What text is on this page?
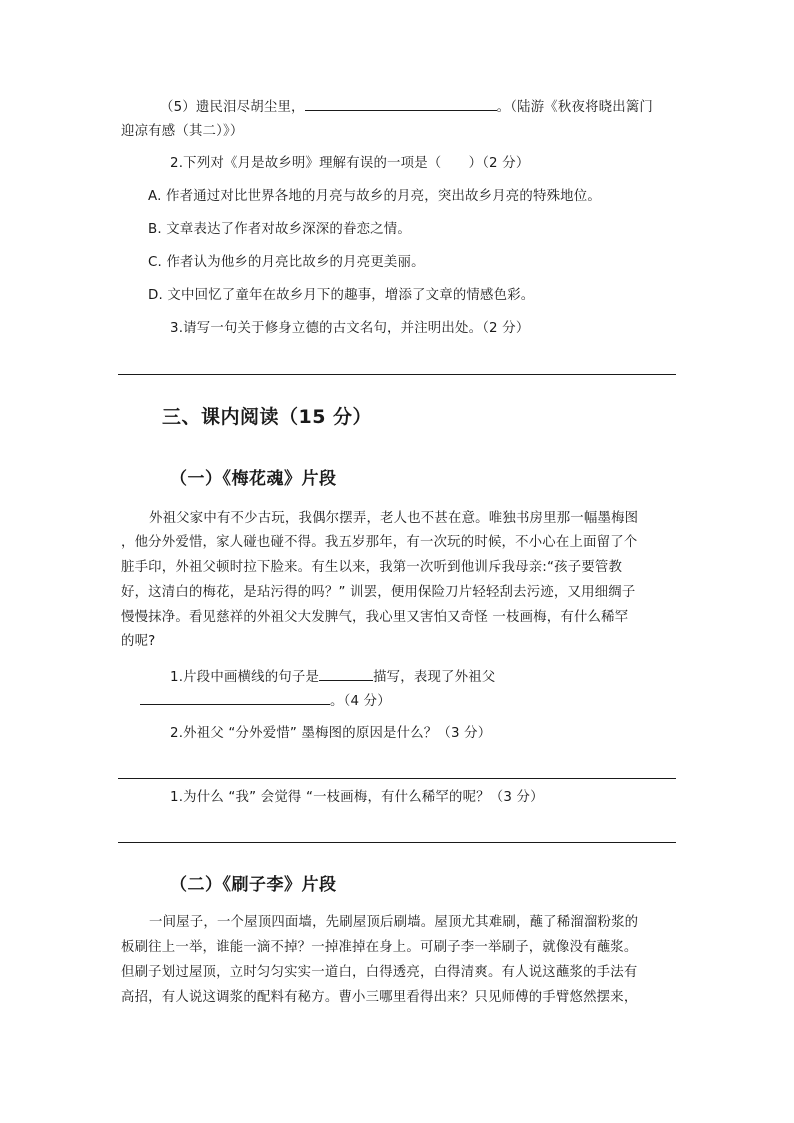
（5）遗民泪尽胡尘里，	。（陆游《秋夜将晓出篱门
迎凉有感（其二）》）
2.下列对《月是故乡明》理解有误的一项是（　　）（2 分）
A. 作者通过对比世界各地的月亮与故乡的月亮，突出故乡月亮的特殊地位。
B. 文章表达了作者对故乡深深的眷恋之情。
C. 作者认为他乡的月亮比故乡的月亮更美丽。
D. 文中回忆了童年在故乡月下的趣事，增添了文章的情感色彩。
3.请写一句关于修身立德的古文名句，并注明出处。（2 分）
三、课内阅读（15 分）
（一）《梅花魂》片段
外祖父家中有不少古玩，我偶尔摆弄，老人也不甚在意。唯独书房里那一幅墨梅图
，他分外爱惜，家人碰也碰不得。我五岁那年，有一次玩的时候，不小心在上面留了个
脏手印，外祖父顿时拉下脸来。有生以来，我第一次听到他训斥我母亲:“孩子要管教
好，这清白的梅花，是玷污得的吗？” 训罢，便用保险刀片轻轻刮去污迹，又用细绸子
慢慢抹净。看见慈祥的外祖父大发脾气，我心里又害怕又奇怪 一枝画梅，有什么稀罕
的呢?
1.片段中画横线的句子是	描写，表现了外祖父
。（4 分）
2.外祖父 “分外爱惜” 墨梅图的原因是什么？（3 分）
1.为什么 “我” 会觉得 “一枝画梅，有什么稀罕的呢？（3 分）
（二）《刷子李》片段
一间屋子，一个屋顶四面墙，先刷屋顶后刷墙。屋顶尤其难刷，蘸了稀溜溜粉浆的
板刷往上一举，谁能一滴不掉？一掉准掉在身上。可刷子李一举刷子，就像没有蘸浆。
但刷子划过屋顶，立时匀匀实实一道白，白得透亮，白得清爽。有人说这蘸浆的手法有
高招，有人说这调浆的配料有秘方。曹小三哪里看得出来？只见师傅的手臂悠然摆来，
